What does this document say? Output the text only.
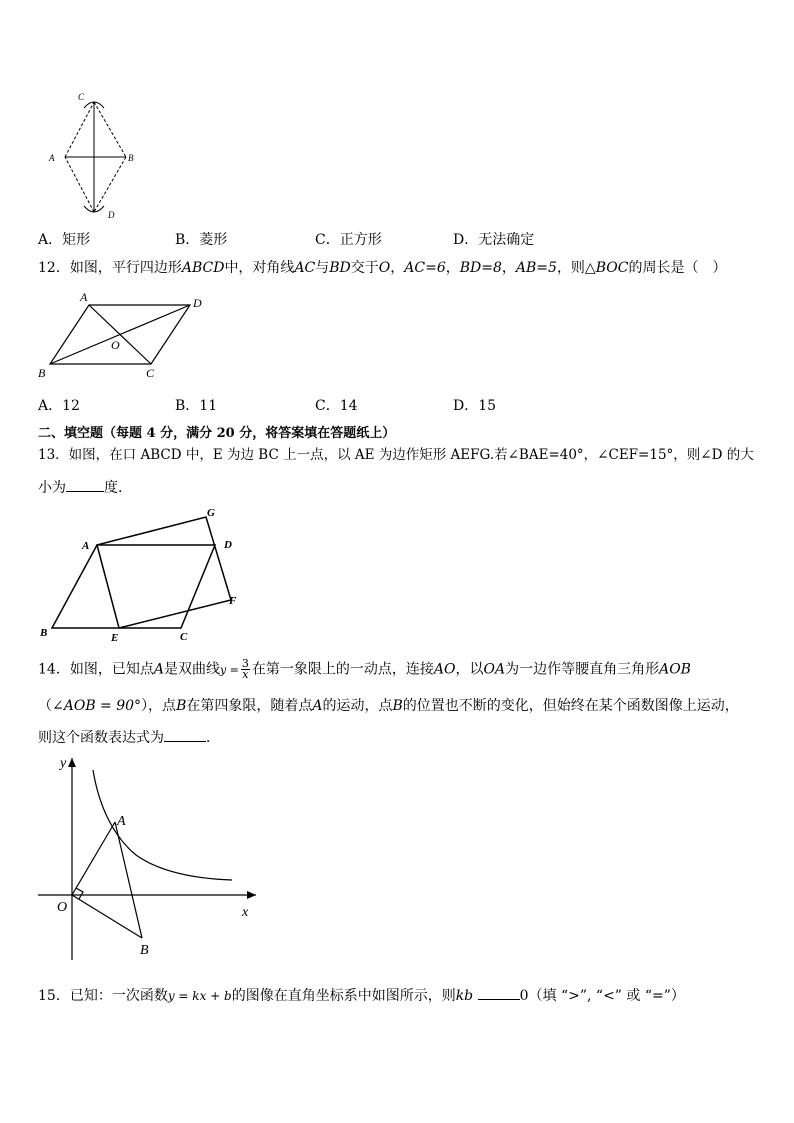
C
A	B
D
A．矩形	B．菱形	C．正方形	D．无法确定
12．如图，平行四边形ABCD中，对角线AC与BD交于O，AC=6，BD=8，AB=5，则△BOC的周长是（　）
A	D
O
B	C
A．12	B．11	C．14	D．15
二、填空题（每题 4 分，满分 20 分，将答案填在答题纸上）
13．如图，在口 ABCD 中，E 为边 BC 上一点，以 AE 为边作矩形 AEFG.若∠BAE=40°，∠CEF=15°，则∠D 的大
小为	度.
G
A	D
F
B	E	C
14．如图，已知点A是双曲线$y = \frac{3}{x}$ 在第一象限上的一动点，连接AO，以OA为一边作等腰直角三角形AOB
（∠AOB = 90°），点B在第四象限，随着点A的运动，点B的位置也不断的变化，但始终在某个函数图像上运动，
则这个函数表达式为	．
y
A
O	x
B
15．已知：一次函数y = kx + b的图像在直角坐标系中如图所示，则kb	0（填 “>”, “<” 或 “=”）
